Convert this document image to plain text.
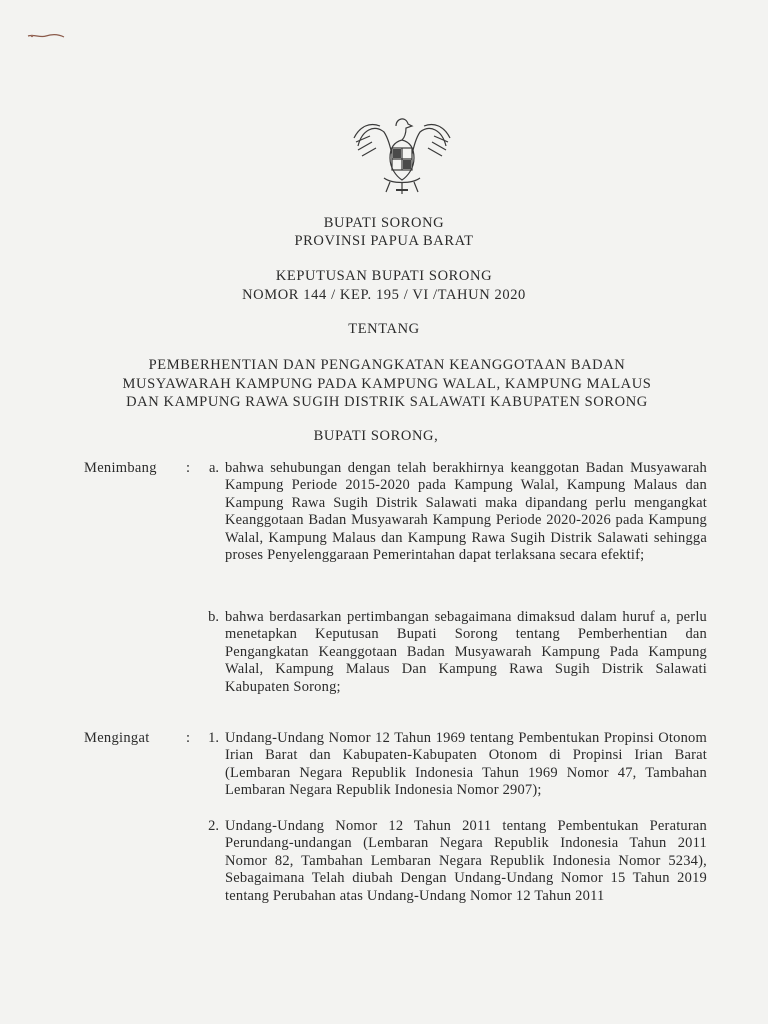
BUPATI SORONG
PROVINSI PAPUA BARAT
KEPUTUSAN BUPATI SORONG
NOMOR 144 / KEP. 195 / VI /TAHUN 2020
TENTANG
PEMBERHENTIAN DAN PENGANGKATAN KEANGGOTAAN BADAN
MUSYAWARAH KAMPUNG PADA KAMPUNG WALAL, KAMPUNG MALAUS
DAN KAMPUNG RAWA SUGIH DISTRIK SALAWATI KABUPATEN SORONG
BUPATI SORONG,
Menimbang :	a. bahwa sehubungan dengan telah berakhirnya keanggotan Badan Musyawarah Kampung Periode 2015-2020 pada Kampung Walal, Kampung Malaus dan Kampung Rawa Sugih Distrik Salawati maka dipandang perlu mengangkat Keanggotaan Badan Musyawarah Kampung Periode 2020-2026 pada Kampung Walal, Kampung Malaus dan Kampung Rawa Sugih Distrik Salawati sehingga proses Penyelenggaraan Pemerintahan dapat terlaksana secara efektif;
b. bahwa berdasarkan pertimbangan sebagaimana dimaksud dalam huruf a, perlu menetapkan Keputusan Bupati Sorong tentang Pemberhentian dan Pengangkatan Keanggotaan Badan Musyawarah Kampung Pada Kampung Walal, Kampung Malaus Dan Kampung Rawa Sugih Distrik Salawati Kabupaten Sorong;
Mengingat	:	1. Undang-Undang Nomor 12 Tahun 1969 tentang Pembentukan Propinsi Otonom Irian Barat dan Kabupaten-Kabupaten Otonom di Propinsi Irian Barat (Lembaran Negara Republik Indonesia Tahun 1969 Nomor 47, Tambahan Lembaran Negara Republik Indonesia Nomor 2907);
2. Undang-Undang Nomor 12 Tahun 2011 tentang Pembentukan Peraturan Perundang-undangan (Lembaran Negara Republik Indonesia Tahun 2011 Nomor 82, Tambahan Lembaran Negara Republik Indonesia Nomor 5234), Sebagaimana Telah diubah Dengan Undang-Undang Nomor 15 Tahun 2019 tentang Perubahan atas Undang-Undang Nomor 12 Tahun 2011
